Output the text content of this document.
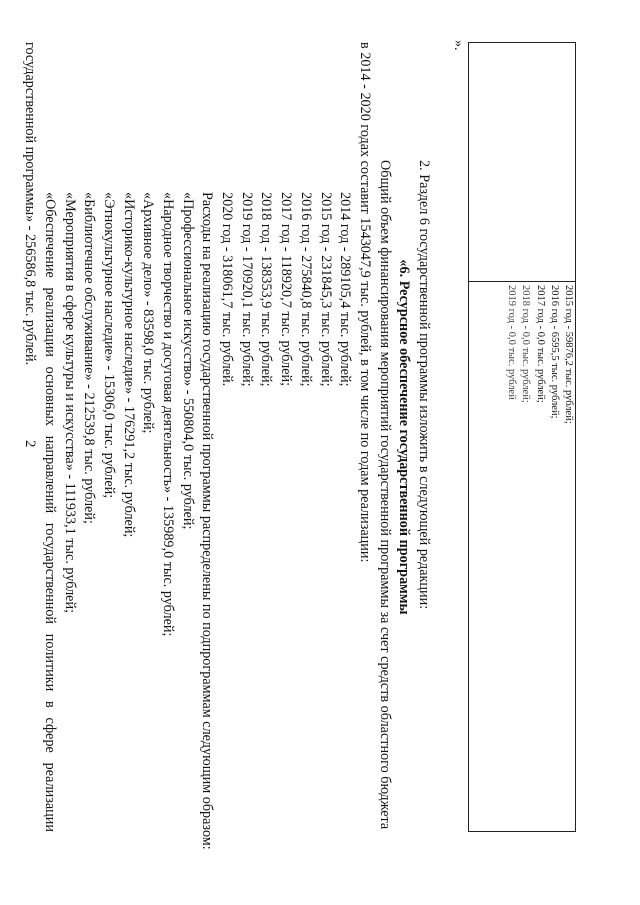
2

2015 год - 59876,2 тыс. рублей;
2016 год - 6595,5 тыс. рублей;
2017 год - 0,0 тыс. рублей;
2018 год - 0,0 тыс. рублей;
2019 год - 0,0 тыс. рублей
».
2. Раздел 6 государственной программы изложить в следующей редакции:
«6. Ресурсное обеспечение государственной программы
Общий объем финансирования мероприятий государственной программы за счет средств областного бюджета
в 2014 - 2020 годах составит 1543047,9 тыс. рублей, в том числе по годам реализации:
2014 год - 289105,4 тыс. рублей;
2015 год - 231845,3 тыс. рублей;
2016 год - 275840,8 тыс. рублей;
2017 год - 118920,7 тыс. рублей;
2018 год - 138353,9 тыс. рублей;
2019 год - 170920,1 тыс. рублей;
2020 год - 318061,7 тыс. рублей.
Расходы на реализацию государственной программы распределены по подпрограммам следующим образом:
«Профессиональное искусство» - 550804,0 тыс. рублей;
«Народное творчество и досуговая деятельность» - 135989,0 тыс. рублей;
«Архивное дело» - 83598,0 тыс. рублей;
«Историко-культурное наследие» - 176291,2 тыс. рублей;
«Этнокультурное наследие» - 15306,0 тыс. рублей;
«Библиотечное обслуживание» - 212539,8 тыс. рублей;
«Мероприятия в сфере культуры и искусства» - 111933,1 тыс. рублей;
«Обеспечение
реализации
основных
направлений
государственной
политики
в
сфере
реализации
государственной программы» - 256586,8 тыс. рублей.
